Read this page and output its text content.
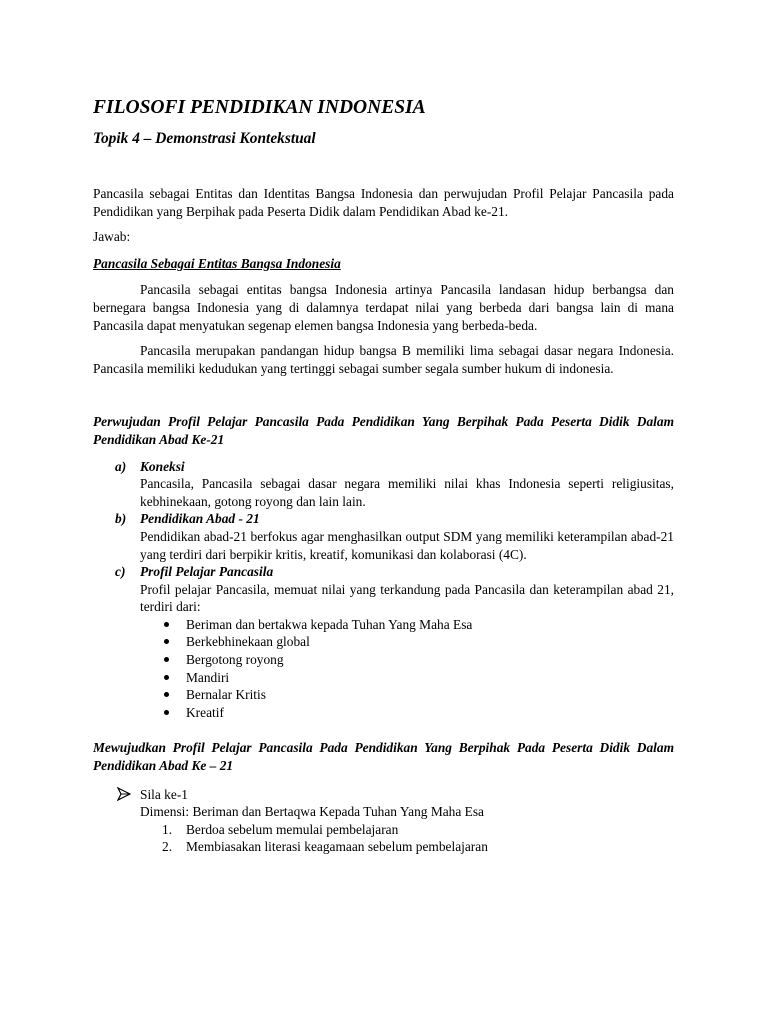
FILOSOFI PENDIDIKAN INDONESIA
Topik 4 – Demonstrasi Kontekstual

Pancasila sebagai Entitas dan Identitas Bangsa Indonesia dan perwujudan Profil Pelajar Pancasila pada Pendidikan yang Berpihak pada Peserta Didik dalam Pendidikan Abad ke-21.

Jawab:

Pancasila Sebagai Entitas Bangsa Indonesia

Pancasila sebagai entitas bangsa Indonesia artinya Pancasila landasan hidup berbangsa dan bernegara bangsa Indonesia yang di dalamnya terdapat nilai yang berbeda dari bangsa lain di mana Pancasila dapat menyatukan segenap elemen bangsa Indonesia yang berbeda-beda.

Pancasila merupakan pandangan hidup bangsa B memiliki lima sebagai dasar negara Indonesia. Pancasila memiliki kedudukan yang tertinggi sebagai sumber segala sumber hukum di indonesia.

Perwujudan Profil Pelajar Pancasila Pada Pendidikan Yang Berpihak Pada Peserta Didik Dalam Pendidikan Abad Ke-21

a) Koneksi

Pancasila, Pancasila sebagai dasar negara memiliki nilai khas Indonesia seperti religiusitas, kebhinekaan, gotong royong dan lain lain.

b) Pendidikan Abad - 21

Pendidikan abad-21 berfokus agar menghasilkan output SDM yang memiliki keterampilan abad-21 yang terdiri dari berpikir kritis, kreatif, komunikasi dan kolaborasi (4C).

c) Profil Pelajar Pancasila

Profil pelajar Pancasila, memuat nilai yang terkandung pada Pancasila dan keterampilan abad 21, terdiri dari:

Beriman dan bertakwa kepada Tuhan Yang Maha Esa
Berkebhinekaan global
Bergotong royong
Mandiri
Bernalar Kritis
Kreatif

Mewujudkan Profil Pelajar Pancasila Pada Pendidikan Yang Berpihak Pada Peserta Didik Dalam Pendidikan Abad Ke – 21

Sila ke-1
Dimensi: Beriman dan Bertaqwa Kepada Tuhan Yang Maha Esa
1. Berdoa sebelum memulai pembelajaran
2. Membiasakan literasi keagamaan sebelum pembelajaran
